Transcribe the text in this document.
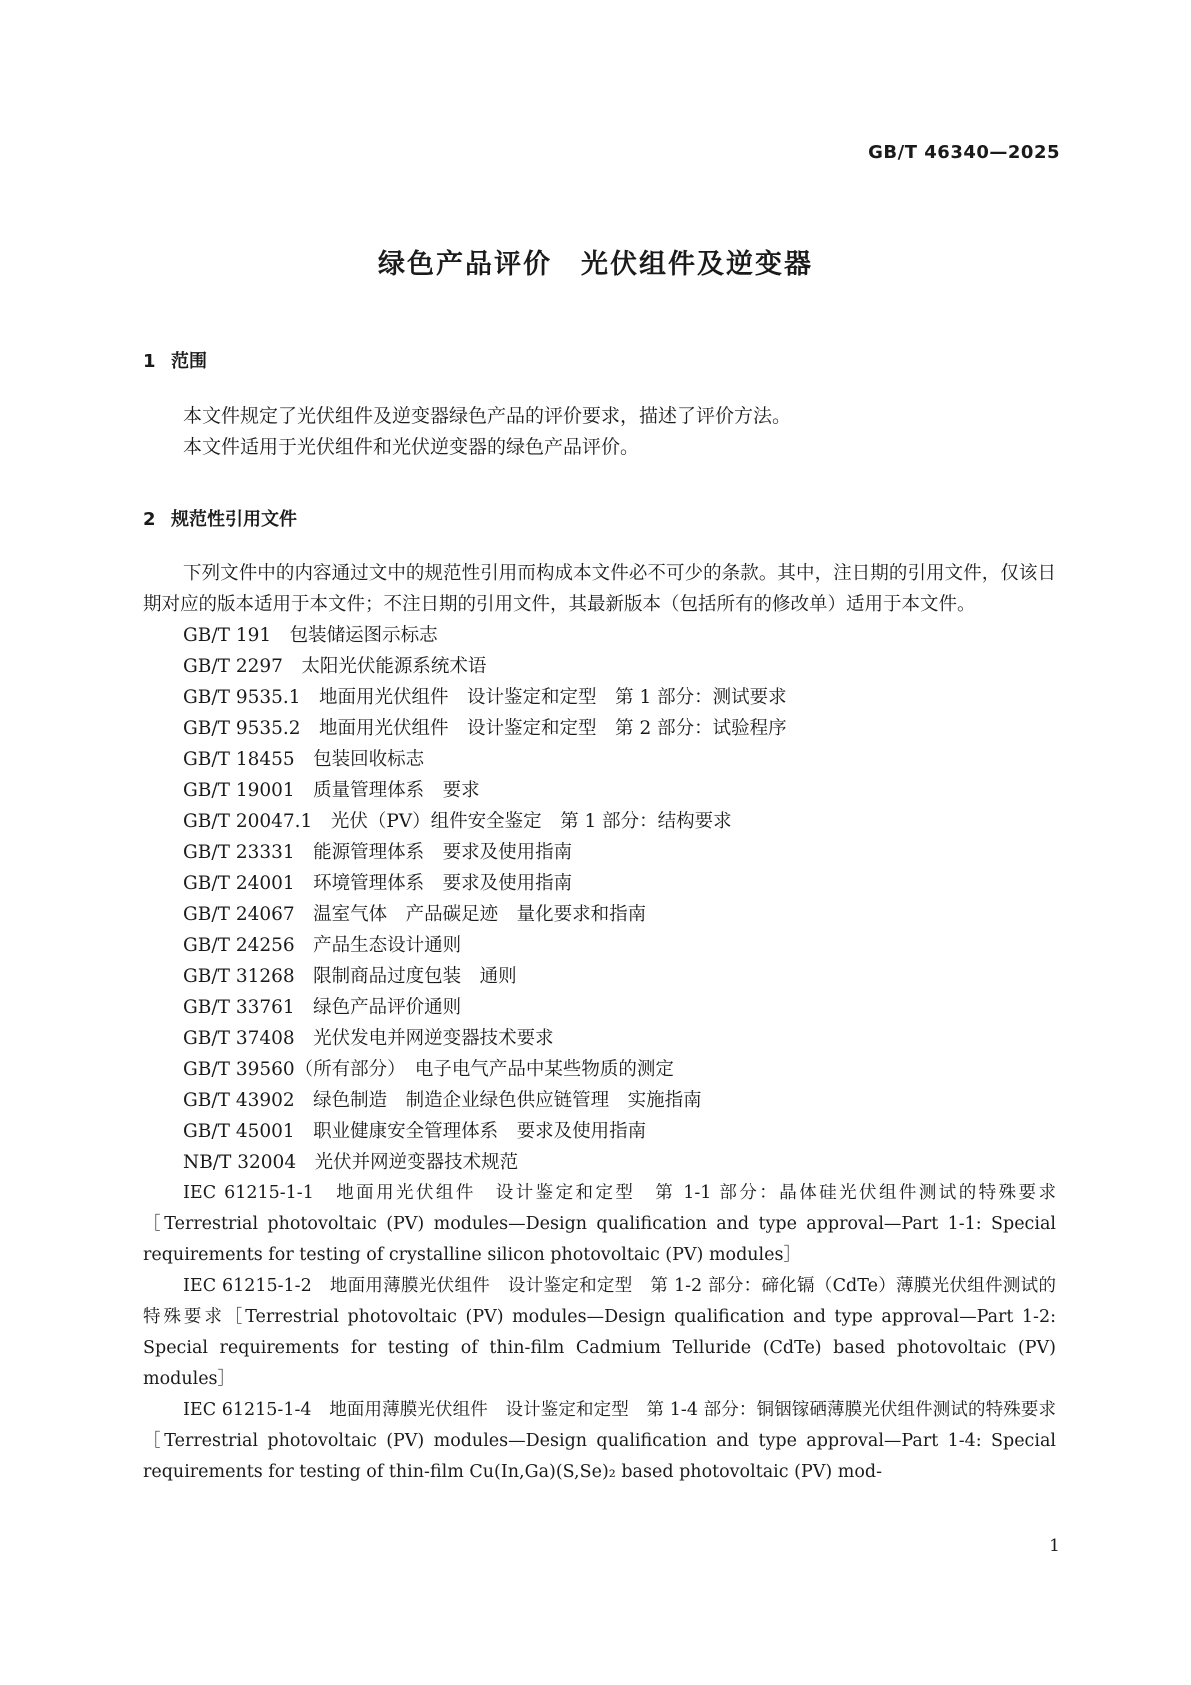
GB/T 46340—2025
绿色产品评价　光伏组件及逆变器
1 范围

本文件规定了光伏组件及逆变器绿色产品的评价要求，描述了评价方法。

本文件适用于光伏组件和光伏逆变器的绿色产品评价。

2 规范性引用文件

下列文件中的内容通过文中的规范性引用而构成本文件必不可少的条款。其中，注日期的引用文件，仅该日期对应的版本适用于本文件；不注日期的引用文件，其最新版本（包括所有的修改单）适用于本文件。

GB/T 191　包装储运图示标志

GB/T 2297　太阳光伏能源系统术语

GB/T 9535.1　地面用光伏组件　设计鉴定和定型　第 1 部分：测试要求

GB/T 9535.2　地面用光伏组件　设计鉴定和定型　第 2 部分：试验程序

GB/T 18455　包装回收标志

GB/T 19001　质量管理体系　要求

GB/T 20047.1　光伏（PV）组件安全鉴定　第 1 部分：结构要求

GB/T 23331　能源管理体系　要求及使用指南

GB/T 24001　环境管理体系　要求及使用指南

GB/T 24067　温室气体　产品碳足迹　量化要求和指南

GB/T 24256　产品生态设计通则

GB/T 31268　限制商品过度包装　通则

GB/T 33761　绿色产品评价通则

GB/T 37408　光伏发电并网逆变器技术要求

GB/T 39560（所有部分）　电子电气产品中某些物质的测定

GB/T 43902　绿色制造　制造企业绿色供应链管理　实施指南

GB/T 45001　职业健康安全管理体系　要求及使用指南

NB/T 32004　光伏并网逆变器技术规范

IEC 61215-1-1　地面用光伏组件　设计鉴定和定型　第 1-1 部分：晶体硅光伏组件测试的特殊要求［Terrestrial photovoltaic (PV) modules—Design qualification and type approval—Part 1-1: Special requirements for testing of crystalline silicon photovoltaic (PV) modules］

IEC 61215-1-2　地面用薄膜光伏组件　设计鉴定和定型　第 1-2 部分：碲化镉（CdTe）薄膜光伏组件测试的特殊要求［Terrestrial photovoltaic (PV) modules—Design qualification and type approval—Part 1-2: Special requirements for testing of thin-film Cadmium Telluride (CdTe) based photovoltaic (PV) modules］

IEC 61215-1-4　地面用薄膜光伏组件　设计鉴定和定型　第 1-4 部分：铜铟镓硒薄膜光伏组件测试的特殊要求［Terrestrial photovoltaic (PV) modules—Design qualification and type approval—Part 1-4: Special requirements for testing of thin-film Cu(In,Ga)(S,Se)₂ based photovoltaic (PV) mod-

1
